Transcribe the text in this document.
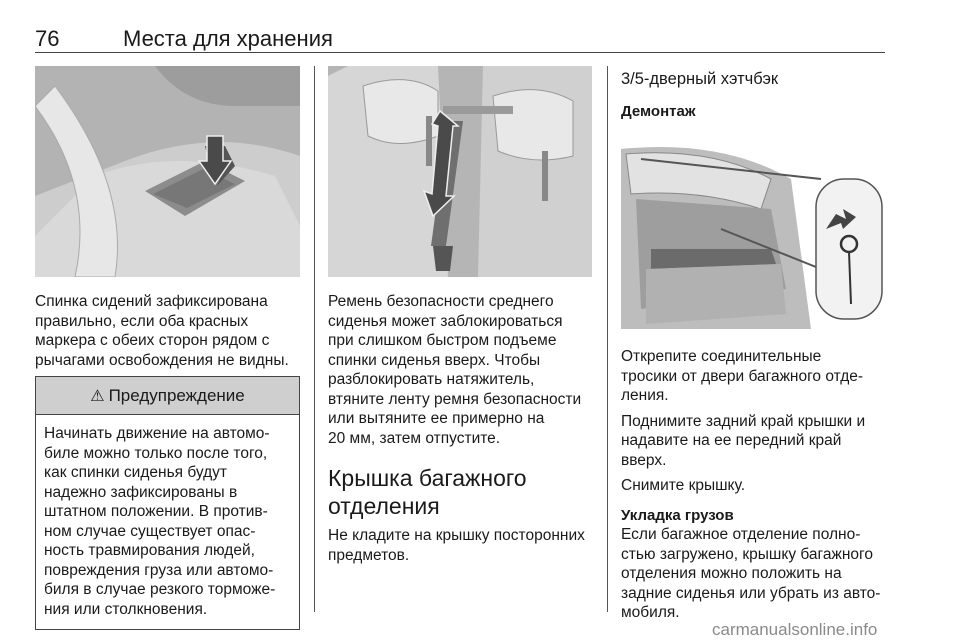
76	Места для хранения

Спинка сидений зафиксирована

правильно, если оба красных

маркера с обеих сторон рядом с

рычагами освобождения не видны.

⚠ Предупреждение

Начинать движение на автомо-

биле можно только после того,

как спинки сиденья будут

надежно зафиксированы в

штатном положении. В против-

ном случае существует опас-

ность травмирования людей,

повреждения груза или автомо-

биля в случае резкого торможе-

ния или столкновения.

Ремень безопасности среднего

сиденья может заблокироваться

при слишком быстром подъеме

спинки сиденья вверх. Чтобы

разблокировать натяжитель,

втяните ленту ремня безопасности

или вытяните ее примерно на

20 мм, затем отпустите.

Крышка багажного
отделения

Не кладите на крышку посторонних

предметов.

3/5-дверный хэтчбэк

Демонтаж

Открепите соединительные

тросики от двери багажного отде-

ления.

Поднимите задний край крышки и

надавите на ее передний край

вверх.

Снимите крышку.

Укладка грузов

Если багажное отделение полно-

стью загружено, крышку багажного

отделения можно положить на

задние сиденья или убрать из авто-

мобиля.

carmanualsonline.info
